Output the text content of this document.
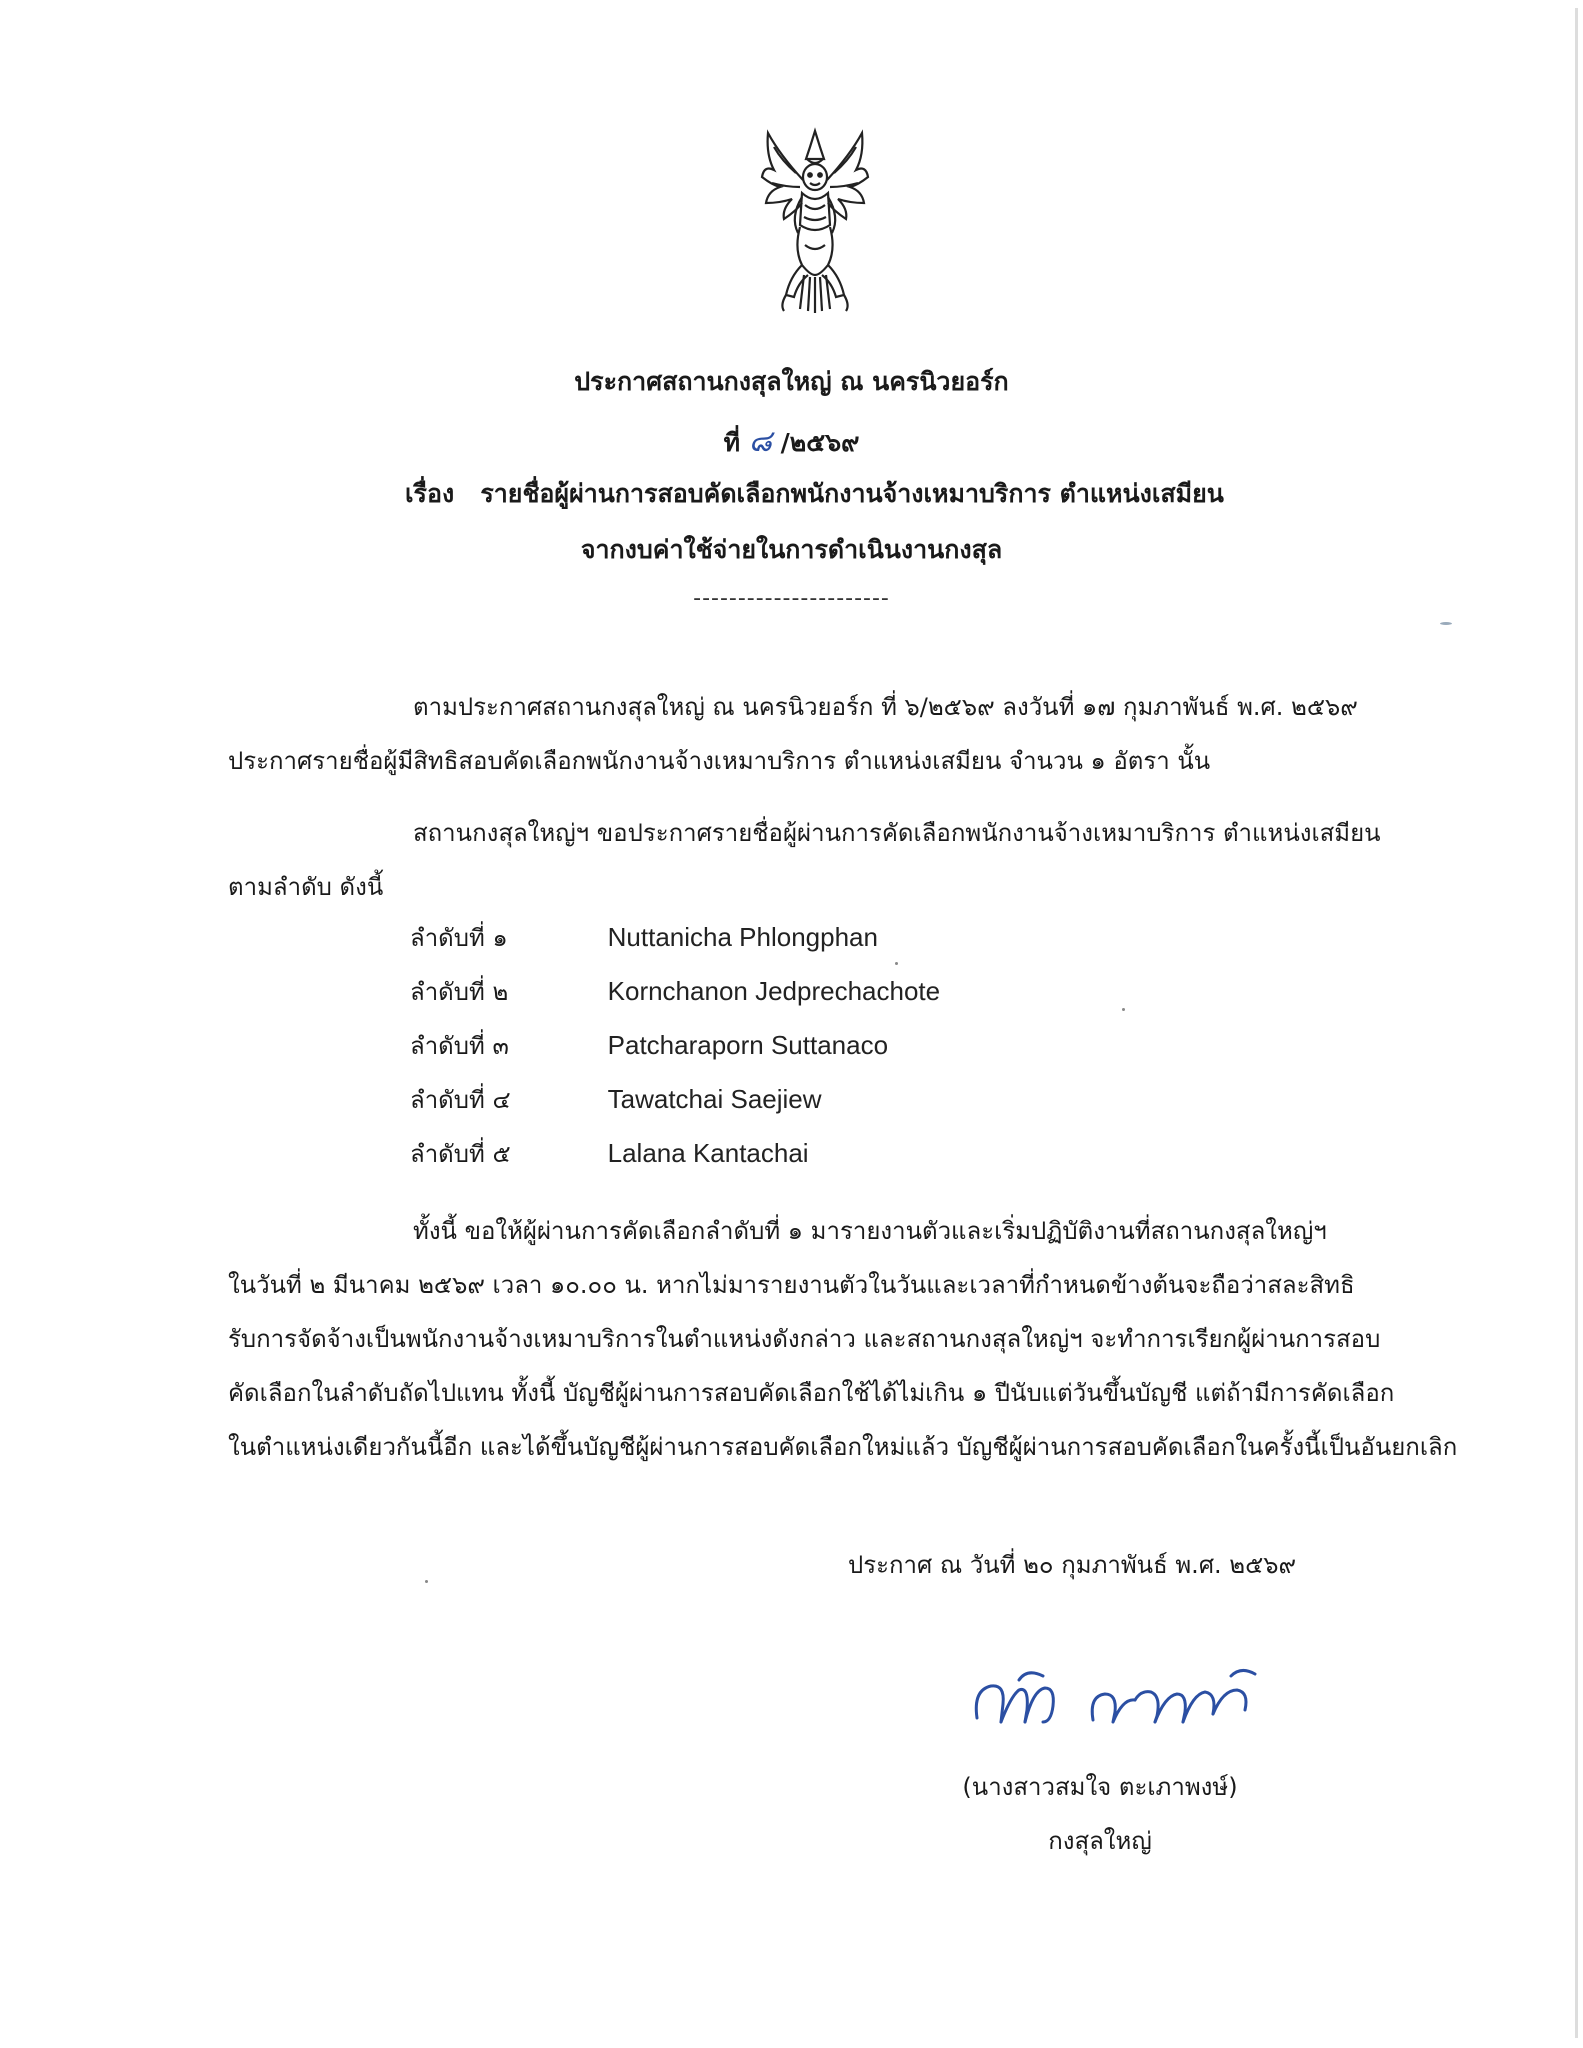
ประกาศสถานกงสุลใหญ่ ณ นครนิวยอร์ก
ที่ ๘ /๒๕๖๙
เรื่อง รายชื่อผู้ผ่านการสอบคัดเลือกพนักงานจ้างเหมาบริการ ตำแหน่งเสมียน
จากงบค่าใช้จ่ายในการดำเนินงานกงสุล
----------------------
ตามประกาศสถานกงสุลใหญ่ ณ นครนิวยอร์ก ที่ ๖/๒๕๖๙ ลงวันที่ ๑๗ กุมภาพันธ์ พ.ศ. ๒๕๖๙
ประกาศรายชื่อผู้มีสิทธิสอบคัดเลือกพนักงานจ้างเหมาบริการ ตำแหน่งเสมียน จำนวน ๑ อัตรา นั้น
สถานกงสุลใหญ่ฯ ขอประกาศรายชื่อผู้ผ่านการคัดเลือกพนักงานจ้างเหมาบริการ ตำแหน่งเสมียน
ตามลำดับ ดังนี้
ลำดับที่ ๑	Nuttanicha Phlongphan
ลำดับที่ ๒	Kornchanon Jedprechachote
ลำดับที่ ๓	Patcharaporn Suttanaco
ลำดับที่ ๔	Tawatchai Saejiew
ลำดับที่ ๕	Lalana Kantachai
ทั้งนี้ ขอให้ผู้ผ่านการคัดเลือกลำดับที่ ๑ มารายงานตัวและเริ่มปฏิบัติงานที่สถานกงสุลใหญ่ฯ
ในวันที่ ๒ มีนาคม ๒๕๖๙ เวลา ๑๐.๐๐ น. หากไม่มารายงานตัวในวันและเวลาที่กำหนดข้างต้นจะถือว่าสละสิทธิ
รับการจัดจ้างเป็นพนักงานจ้างเหมาบริการในตำแหน่งดังกล่าว และสถานกงสุลใหญ่ฯ จะทำการเรียกผู้ผ่านการสอบ
คัดเลือกในลำดับถัดไปแทน ทั้งนี้ บัญชีผู้ผ่านการสอบคัดเลือกใช้ได้ไม่เกิน ๑ ปีนับแต่วันขึ้นบัญชี แต่ถ้ามีการคัดเลือก
ในตำแหน่งเดียวกันนี้อีก และได้ขึ้นบัญชีผู้ผ่านการสอบคัดเลือกใหม่แล้ว บัญชีผู้ผ่านการสอบคัดเลือกในครั้งนี้เป็นอันยกเลิก
ประกาศ ณ วันที่ ๒๐ กุมภาพันธ์ พ.ศ. ๒๕๖๙
(นางสาวสมใจ ตะเภาพงษ์)
กงสุลใหญ่
